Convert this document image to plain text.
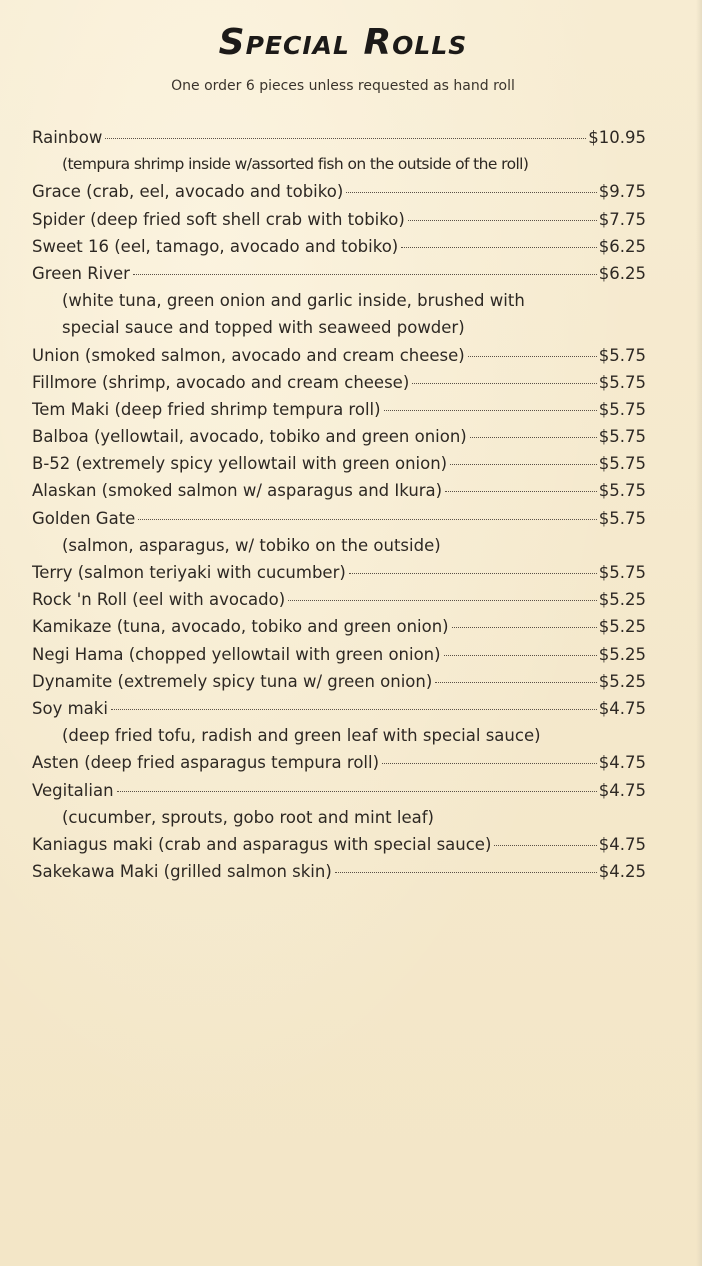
Special Rolls
One order 6 pieces unless requested as hand roll
Rainbow	$10.95
(tempura shrimp inside w/assorted fish on the outside of the roll)
Grace (crab, eel, avocado and tobiko)	$9.75
Spider (deep fried soft shell crab with tobiko)	$7.75
Sweet 16 (eel, tamago, avocado and tobiko)	$6.25
Green River	$6.25
(white tuna, green onion and garlic inside, brushed with
special sauce and topped with seaweed powder)
Union (smoked salmon, avocado and cream cheese)	$5.75
Fillmore (shrimp, avocado and cream cheese)	$5.75
Tem Maki (deep fried shrimp tempura roll)	$5.75
Balboa (yellowtail, avocado, tobiko and green onion)	$5.75
B-52 (extremely spicy yellowtail with green onion)	$5.75
Alaskan (smoked salmon w/ asparagus and Ikura)	$5.75
Golden Gate	$5.75
(salmon, asparagus, w/ tobiko on the outside)
Terry (salmon teriyaki with cucumber)	$5.75
Rock 'n Roll (eel with avocado)	$5.25
Kamikaze (tuna, avocado, tobiko and green onion)	$5.25
Negi Hama (chopped yellowtail with green onion)	$5.25
Dynamite (extremely spicy tuna w/ green onion)	$5.25
Soy maki	$4.75
(deep fried tofu, radish and green leaf with special sauce)
Asten (deep fried asparagus tempura roll)	$4.75
Vegitalian	$4.75
(cucumber, sprouts, gobo root and mint leaf)
Kaniagus maki (crab and asparagus with special sauce)	$4.75
Sakekawa Maki (grilled salmon skin)	$4.25
